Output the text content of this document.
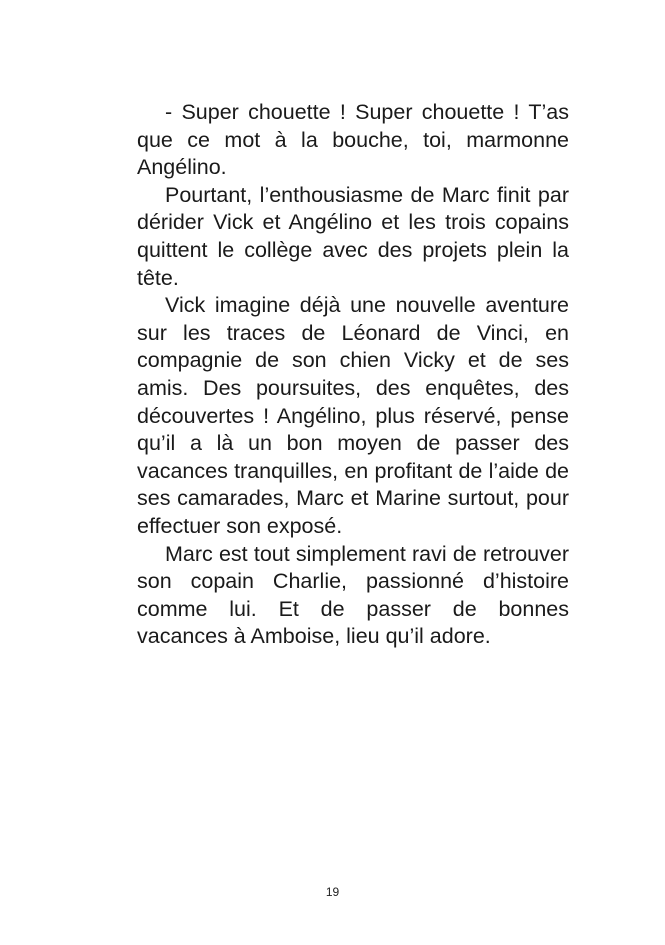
- Super chouette ! Super chouette ! T’as que ce mot à la bouche, toi, marmonne Angélino.

Pourtant, l’enthousiasme de Marc finit par dérider Vick et Angélino et les trois copains quittent le collège avec des projets plein la tête.

Vick imagine déjà une nouvelle aventure sur les traces de Léonard de Vinci, en compagnie de son chien Vicky et de ses amis. Des poursuites, des enquêtes, des découvertes ! Angélino, plus réservé, pense qu’il a là un bon moyen de passer des vacances tranquilles, en profitant de l’aide de ses camarades, Marc et Marine surtout, pour effectuer son exposé.

Marc est tout simplement ravi de retrouver son copain Charlie, passionné d’histoire comme lui. Et de passer de bonnes vacances à Amboise, lieu qu’il adore.

19
